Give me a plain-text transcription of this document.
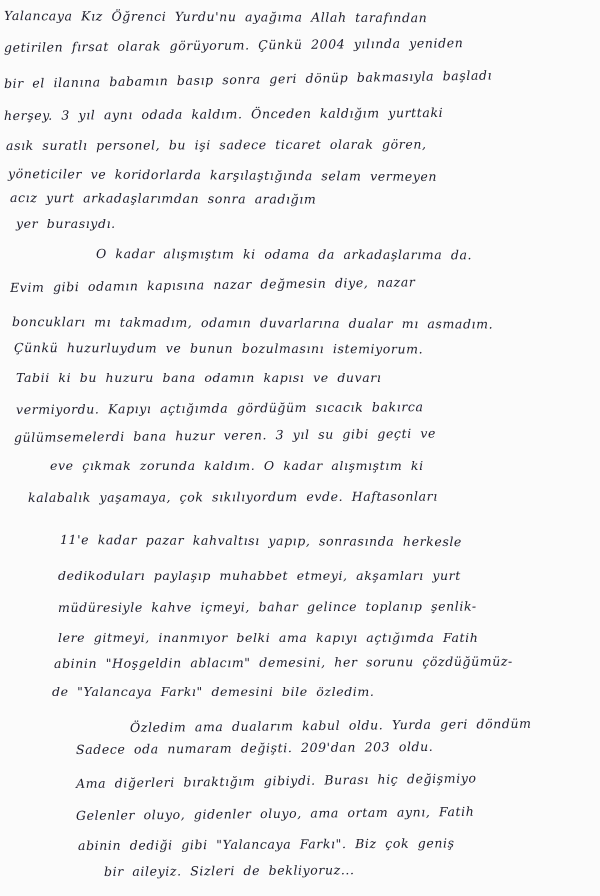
Yalancaya Kız Öğrenci Yurdu'nu ayağıma Allah tarafından
getirilen fırsat olarak görüyorum. Çünkü 2004 yılında yeniden
bir el ilanına babamın basıp sonra geri dönüp bakmasıyla başladı
herşey. 3 yıl aynı odada kaldım. Önceden kaldığım yurttaki
asık suratlı personel, bu işi sadece ticaret olarak gören,
yöneticiler ve koridorlarda karşılaştığında selam vermeyen
acız yurt arkadaşlarımdan sonra aradığım
yer burasıydı.
O kadar alışmıştım ki odama da arkadaşlarıma da.
Evim gibi odamın kapısına nazar değmesin diye, nazar
boncukları mı takmadım, odamın duvarlarına dualar mı asmadım.
Çünkü huzurluydum ve bunun bozulmasını istemiyorum.
Tabii ki bu huzuru bana odamın kapısı ve duvarı
vermiyordu. Kapıyı açtığımda gördüğüm sıcacık bakırca
gülümsemelerdi bana huzur veren. 3 yıl su gibi geçti ve
eve çıkmak zorunda kaldım. O kadar alışmıştım ki
kalabalık yaşamaya, çok sıkılıyordum evde. Haftasonları
11'e kadar pazar kahvaltısı yapıp, sonrasında herkesle
dedikoduları paylaşıp muhabbet etmeyi, akşamları yurt
müdüresiyle kahve içmeyi, bahar gelince toplanıp şenlik-
lere gitmeyi, inanmıyor belki ama kapıyı açtığımda Fatih
abinin "Hoşgeldin ablacım" demesini, her sorunu çözdüğümüz-
de "Yalancaya Farkı" demesini bile özledim.
Özledim ama dualarım kabul oldu. Yurda geri döndüm
Sadece oda numaram değişti. 209'dan 203 oldu.
Ama diğerleri bıraktığım gibiydi. Burası hiç değişmiyo
Gelenler oluyo, gidenler oluyo, ama ortam aynı, Fatih
abinin dediği gibi "Yalancaya Farkı". Biz çok geniş
bir aileyiz. Sizleri de bekliyoruz...
